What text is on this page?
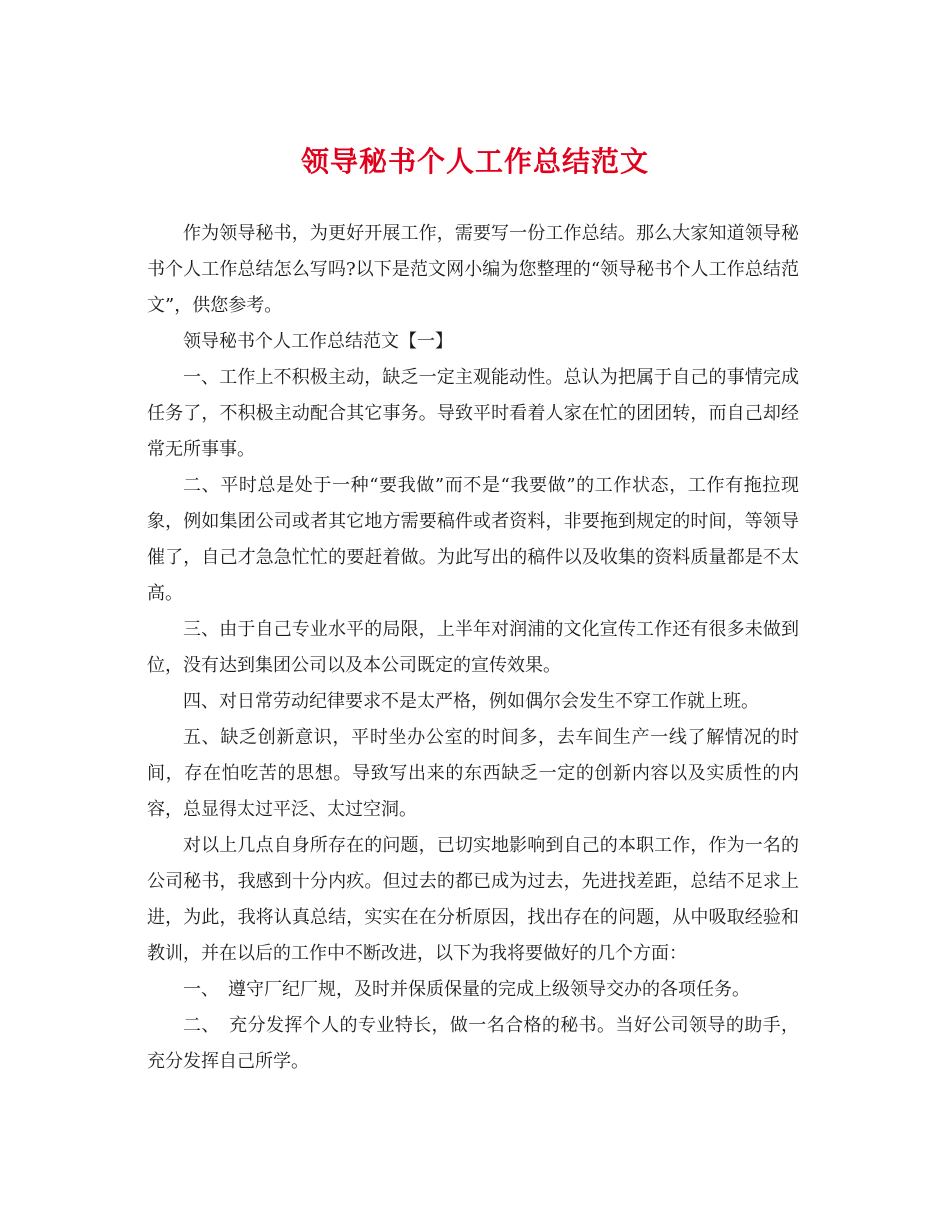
领导秘书个人工作总结范文

作为领导秘书，为更好开展工作，需要写一份工作总结。那么大家知道领导秘书个人工作总结怎么写吗?以下是范文网小编为您整理的“领导秘书个人工作总结范文”，供您参考。

领导秘书个人工作总结范文【一】

一、工作上不积极主动，缺乏一定主观能动性。总认为把属于自己的事情完成任务了，不积极主动配合其它事务。导致平时看着人家在忙的团团转，而自己却经常无所事事。

二、平时总是处于一种“要我做”而不是“我要做”的工作状态，工作有拖拉现象，例如集团公司或者其它地方需要稿件或者资料，非要拖到规定的时间，等领导催了，自己才急急忙忙的要赶着做。为此写出的稿件以及收集的资料质量都是不太高。

三、由于自己专业水平的局限，上半年对润浦的文化宣传工作还有很多未做到位，没有达到集团公司以及本公司既定的宣传效果。

四、对日常劳动纪律要求不是太严格，例如偶尔会发生不穿工作就上班。

五、缺乏创新意识，平时坐办公室的时间多，去车间生产一线了解情况的时间，存在怕吃苦的思想。导致写出来的东西缺乏一定的创新内容以及实质性的内容，总显得太过平泛、太过空洞。

对以上几点自身所存在的问题，已切实地影响到自己的本职工作，作为一名的公司秘书，我感到十分内疚。但过去的都已成为过去，先进找差距，总结不足求上进，为此，我将认真总结，实实在在分析原因，找出存在的问题，从中吸取经验和教训，并在以后的工作中不断改进，以下为我将要做好的几个方面：

一、　遵守厂纪厂规，及时并保质保量的完成上级领导交办的各项任务。

二、　充分发挥个人的专业特长，做一名合格的秘书。当好公司领导的助手，充分发挥自己所学。
